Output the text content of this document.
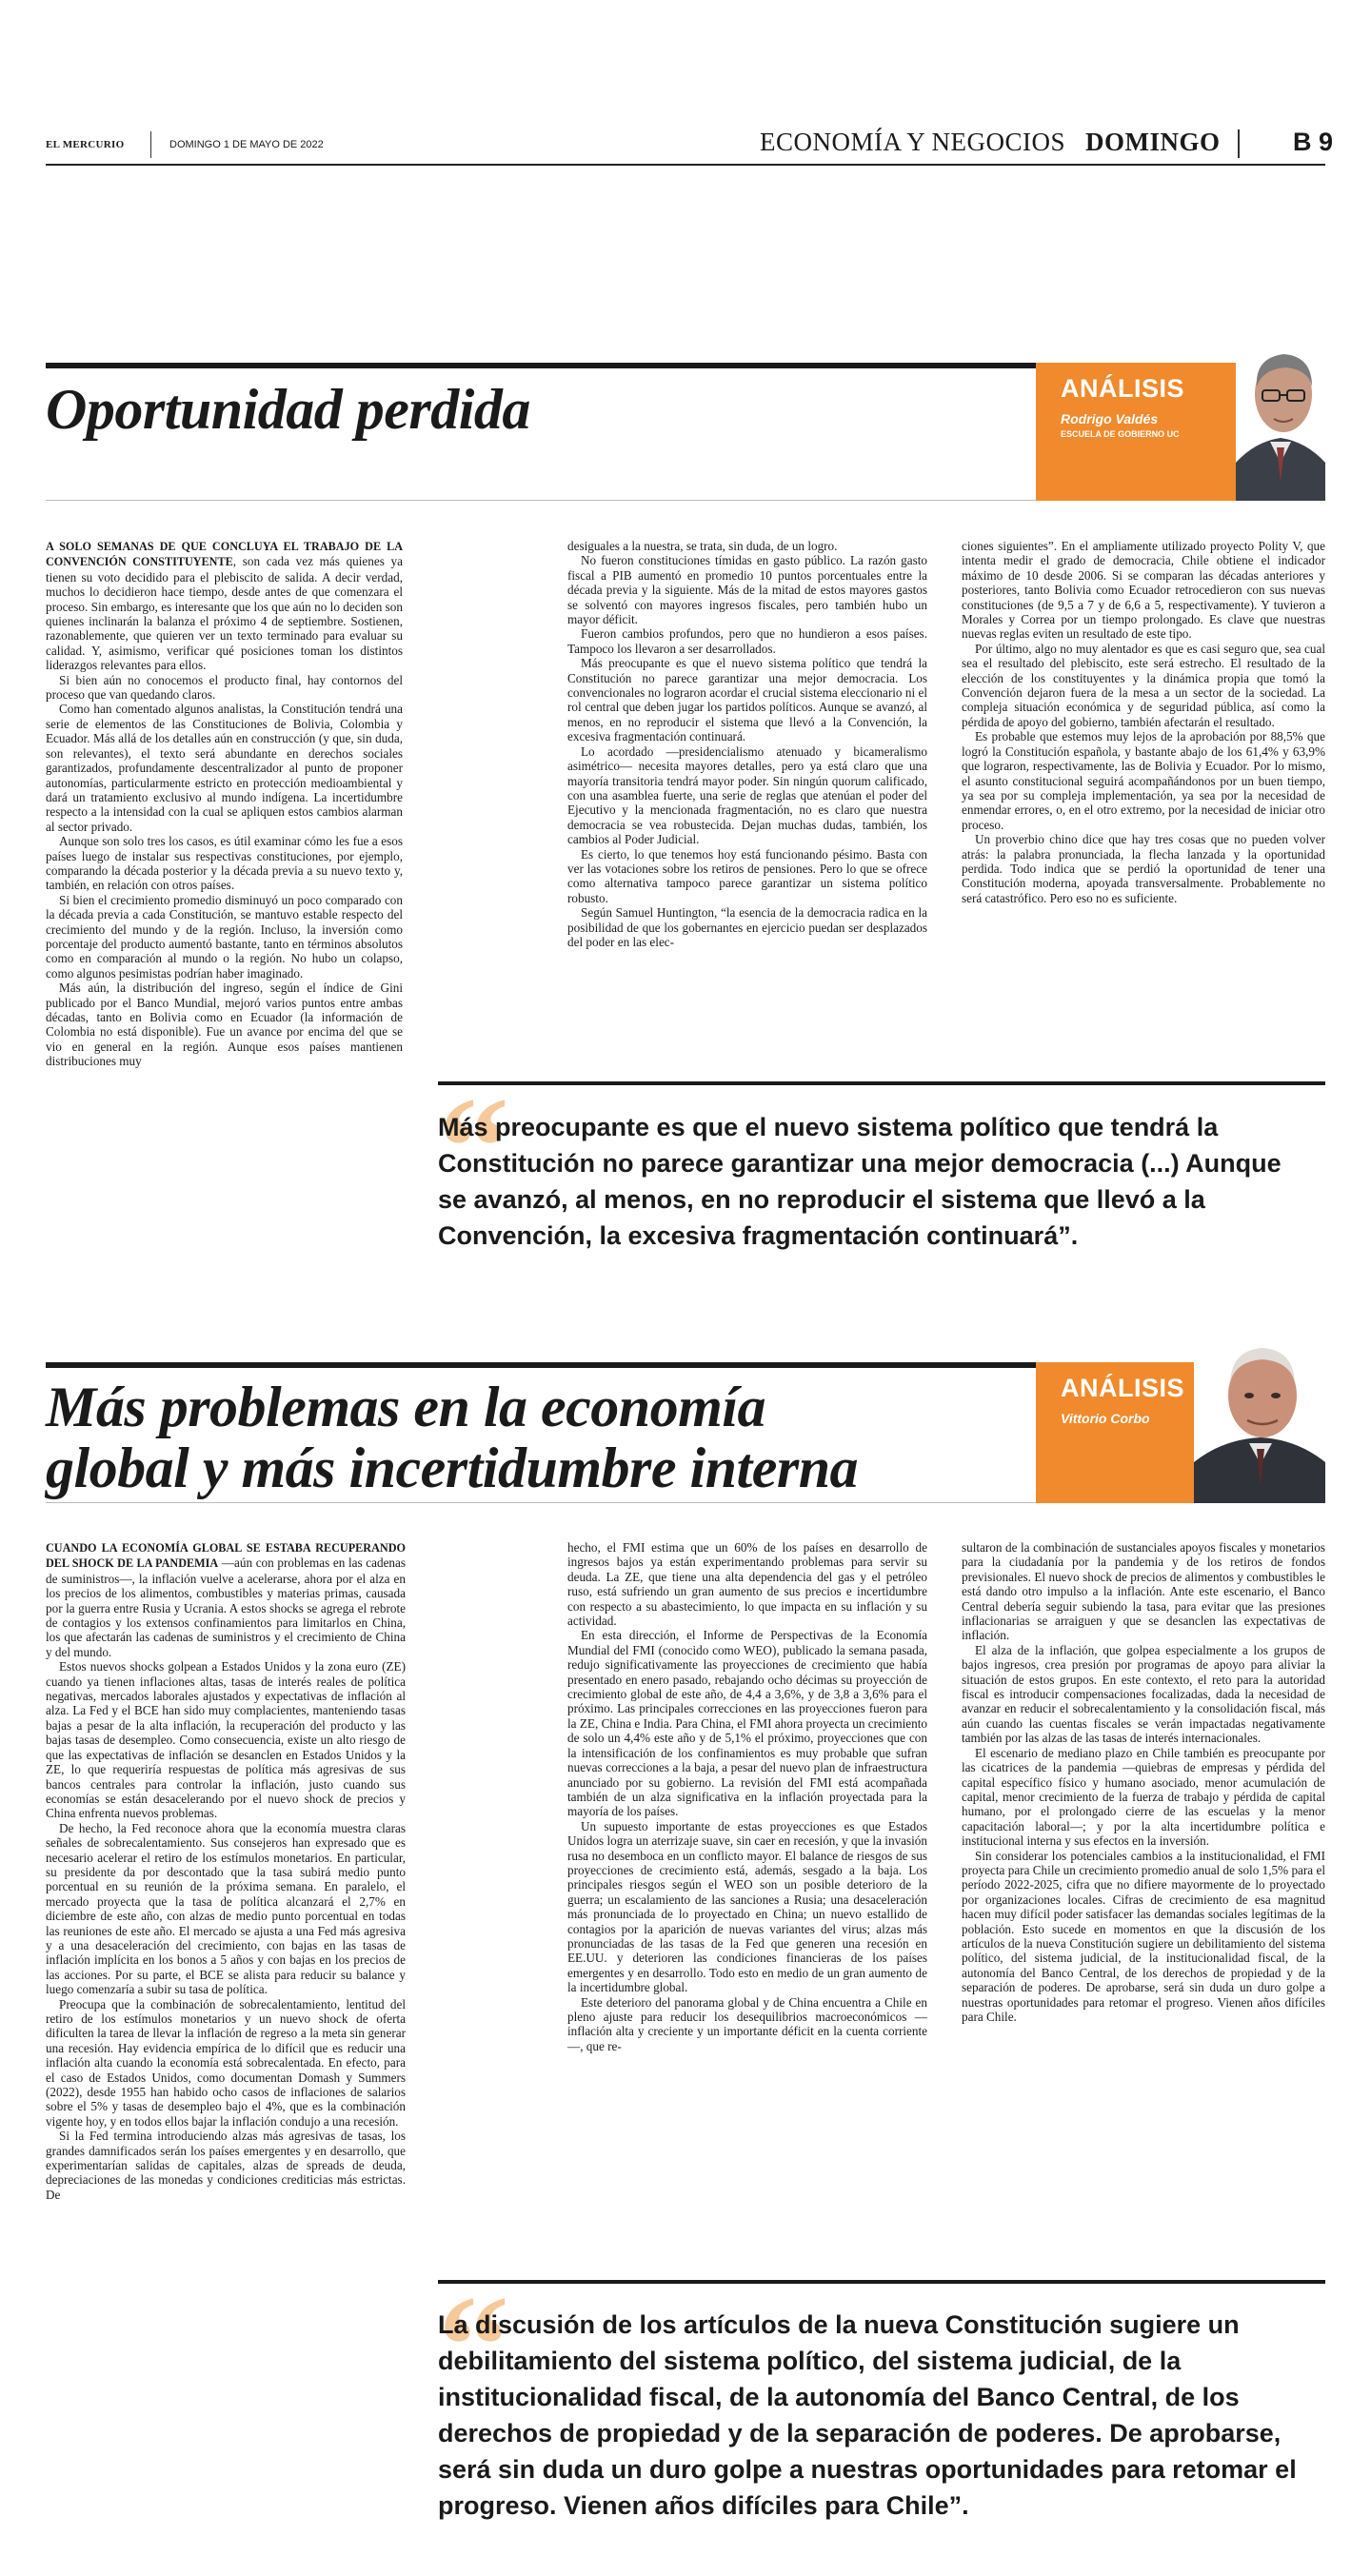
EL MERCURIO	DOMINGO 1 DE MAYO DE 2022	ECONOMÍA Y NEGOCIOS DOMINGO	B 9
Oportunidad perdida	ANÁLISIS
Rodrigo Valdés
ESCUELA DE GOBIERNO UC

A SOLO SEMANAS DE QUE CONCLUYA EL TRABAJO DE LA CONVENCIÓN CONSTITUYENTE, son cada vez más quienes ya tienen su voto decidido para el plebiscito de salida. A decir verdad, muchos lo decidieron hace tiempo, desde antes de que comenzara el proceso. Sin embargo, es interesante que los que aún no lo deciden son quienes inclinarán la balanza el próximo 4 de septiembre. Sostienen, razonablemente, que quieren ver un texto terminado para evaluar su calidad. Y, asimismo, verificar qué posiciones toman los distintos liderazgos relevantes para ellos.

Si bien aún no conocemos el producto final, hay contornos del proceso que van quedando claros.

Como han comentado algunos analistas, la Constitución tendrá una serie de elementos de las Constituciones de Bolivia, Colombia y Ecuador. Más allá de los detalles aún en construcción (y que, sin duda, son relevantes), el texto será abundante en derechos sociales garantizados, profundamente descentralizador al punto de proponer autonomías, particularmente estricto en protección medioambiental y dará un tratamiento exclusivo al mundo indígena. La incertidumbre respecto a la intensidad con la cual se apliquen estos cambios alarman al sector privado.

Aunque son solo tres los casos, es útil examinar cómo les fue a esos países luego de instalar sus respectivas constituciones, por ejemplo, comparando la década posterior y la década previa a su nuevo texto y, también, en relación con otros países.

Si bien el crecimiento promedio disminuyó un poco comparado con la década previa a cada Constitución, se mantuvo estable respecto del crecimiento del mundo y de la región. Incluso, la inversión como porcentaje del producto aumentó bastante, tanto en términos absolutos como en comparación al mundo o la región. No hubo un colapso, como algunos pesimistas podrían haber imaginado.

Más aún, la distribución del ingreso, según el índice de Gini publicado por el Banco Mundial, mejoró varios puntos entre ambas décadas, tanto en Bolivia como en Ecuador (la información de Colombia no está disponible). Fue un avance por encima del que se vio en general en la región. Aunque esos países mantienen distribuciones muy

desiguales a la nuestra, se trata, sin duda, de un logro.

No fueron constituciones tímidas en gasto público. La razón gasto fiscal a PIB aumentó en promedio 10 puntos porcentuales entre la década previa y la siguiente. Más de la mitad de estos mayores gastos se solventó con mayores ingresos fiscales, pero también hubo un mayor déficit.

Fueron cambios profundos, pero que no hundieron a esos países. Tampoco los llevaron a ser desarrollados.

Más preocupante es que el nuevo sistema político que tendrá la Constitución no parece garantizar una mejor democracia. Los convencionales no lograron acordar el crucial sistema eleccionario ni el rol central que deben jugar los partidos políticos. Aunque se avanzó, al menos, en no reproducir el sistema que llevó a la Convención, la excesiva fragmentación continuará.

Lo acordado —presidencialismo atenuado y bicameralismo asimétrico— necesita mayores detalles, pero ya está claro que una mayoría transitoria tendrá mayor poder. Sin ningún quorum calificado, con una asamblea fuerte, una serie de reglas que atenúan el poder del Ejecutivo y la mencionada fragmentación, no es claro que nuestra democracia se vea robustecida. Dejan muchas dudas, también, los cambios al Poder Judicial.

Es cierto, lo que tenemos hoy está funcionando pésimo. Basta con ver las votaciones sobre los retiros de pensiones. Pero lo que se ofrece como alternativa tampoco parece garantizar un sistema político robusto.

Según Samuel Huntington, “la esencia de la democracia radica en la posibilidad de que los gobernantes en ejercicio puedan ser desplazados del poder en las elec-

ciones siguientes”. En el ampliamente utilizado proyecto Polity V, que intenta medir el grado de democracia, Chile obtiene el indicador máximo de 10 desde 2006. Si se comparan las décadas anteriores y posteriores, tanto Bolivia como Ecuador retrocedieron con sus nuevas constituciones (de 9,5 a 7 y de 6,6 a 5, respectivamente). Y tuvieron a Morales y Correa por un tiempo prolongado. Es clave que nuestras nuevas reglas eviten un resultado de este tipo.

Por último, algo no muy alentador es que es casi seguro que, sea cual sea el resultado del plebiscito, este será estrecho. El resultado de la elección de los constituyentes y la dinámica propia que tomó la Convención dejaron fuera de la mesa a un sector de la sociedad. La compleja situación económica y de seguridad pública, así como la pérdida de apoyo del gobierno, también afectarán el resultado.

Es probable que estemos muy lejos de la aprobación por 88,5% que logró la Constitución española, y bastante abajo de los 61,4% y 63,9% que lograron, respectivamente, las de Bolivia y Ecuador. Por lo mismo, el asunto constitucional seguirá acompañándonos por un buen tiempo, ya sea por su compleja implementación, ya sea por la necesidad de enmendar errores, o, en el otro extremo, por la necesidad de iniciar otro proceso.

Un proverbio chino dice que hay tres cosas que no pueden volver atrás: la palabra pronunciada, la flecha lanzada y la oportunidad perdida. Todo indica que se perdió la oportunidad de tener una Constitución moderna, apoyada transversalmente. Probablemente no será catastrófico. Pero eso no es suficiente.

“
Más preocupante es que el nuevo sistema político que tendrá la Constitución no parece garantizar una mejor democracia (...) Aunque se avanzó, al menos, en no reproducir el sistema que llevó a la Convención, la excesiva fragmentación continuará”.
Más problemas en la economía
global y más incertidumbre interna
ANÁLISIS
Vittorio Corbo

CUANDO LA ECONOMÍA GLOBAL SE ESTABA RECUPERANDO DEL SHOCK DE LA PANDEMIA —aún con problemas en las cadenas de suministros—, la inflación vuelve a acelerarse, ahora por el alza en los precios de los alimentos, combustibles y materias primas, causada por la guerra entre Rusia y Ucrania. A estos shocks se agrega el rebrote de contagios y los extensos confinamientos para limitarlos en China, los que afectarán las cadenas de suministros y el crecimiento de China y del mundo.

Estos nuevos shocks golpean a Estados Unidos y la zona euro (ZE) cuando ya tienen inflaciones altas, tasas de interés reales de política negativas, mercados laborales ajustados y expectativas de inflación al alza. La Fed y el BCE han sido muy complacientes, manteniendo tasas bajas a pesar de la alta inflación, la recuperación del producto y las bajas tasas de desempleo. Como consecuencia, existe un alto riesgo de que las expectativas de inflación se desanclen en Estados Unidos y la ZE, lo que requeriría respuestas de política más agresivas de sus bancos centrales para controlar la inflación, justo cuando sus economías se están desacelerando por el nuevo shock de precios y China enfrenta nuevos problemas.

De hecho, la Fed reconoce ahora que la economía muestra claras señales de sobrecalentamiento. Sus consejeros han expresado que es necesario acelerar el retiro de los estímulos monetarios. En particular, su presidente da por descontado que la tasa subirá medio punto porcentual en su reunión de la próxima semana. En paralelo, el mercado proyecta que la tasa de política alcanzará el 2,7% en diciembre de este año, con alzas de medio punto porcentual en todas las reuniones de este año. El mercado se ajusta a una Fed más agresiva y a una desaceleración del crecimiento, con bajas en las tasas de inflación implícita en los bonos a 5 años y con bajas en los precios de las acciones. Por su parte, el BCE se alista para reducir su balance y luego comenzaría a subir su tasa de política.

Preocupa que la combinación de sobrecalentamiento, lentitud del retiro de los estímulos monetarios y un nuevo shock de oferta dificulten la tarea de llevar la inflación de regreso a la meta sin generar una recesión. Hay evidencia empírica de lo difícil que es reducir una inflación alta cuando la economía está sobrecalentada. En efecto, para el caso de Estados Unidos, como documentan Domash y Summers (2022), desde 1955 han habido ocho casos de inflaciones de salarios sobre el 5% y tasas de desempleo bajo el 4%, que es la combinación vigente hoy, y en todos ellos bajar la inflación condujo a una recesión.

Si la Fed termina introduciendo alzas más agresivas de tasas, los grandes damnificados serán los países emergentes y en desarrollo, que experimentarían salidas de capitales, alzas de spreads de deuda, depreciaciones de las monedas y condiciones crediticias más estrictas. De

hecho, el FMI estima que un 60% de los países en desarrollo de ingresos bajos ya están experimentando problemas para servir su deuda. La ZE, que tiene una alta dependencia del gas y el petróleo ruso, está sufriendo un gran aumento de sus precios e incertidumbre con respecto a su abastecimiento, lo que impacta en su inflación y su actividad.

En esta dirección, el Informe de Perspectivas de la Economía Mundial del FMI (conocido como WEO), publicado la semana pasada, redujo significativamente las proyecciones de crecimiento que había presentado en enero pasado, rebajando ocho décimas su proyección de crecimiento global de este año, de 4,4 a 3,6%, y de 3,8 a 3,6% para el próximo. Las principales correcciones en las proyecciones fueron para la ZE, China e India. Para China, el FMI ahora proyecta un crecimiento de solo un 4,4% este año y de 5,1% el próximo, proyecciones que con la intensificación de los confinamientos es muy probable que sufran nuevas correcciones a la baja, a pesar del nuevo plan de infraestructura anunciado por su gobierno. La revisión del FMI está acompañada también de un alza significativa en la inflación proyectada para la mayoría de los países.

Un supuesto importante de estas proyecciones es que Estados Unidos logra un aterrizaje suave, sin caer en recesión, y que la invasión rusa no desemboca en un conflicto mayor. El balance de riesgos de sus proyecciones de crecimiento está, además, sesgado a la baja. Los principales riesgos según el WEO son un posible deterioro de la guerra; un escalamiento de las sanciones a Rusia; una desaceleración más pronunciada de lo proyectado en China; un nuevo estallido de contagios por la aparición de nuevas variantes del virus; alzas más pronunciadas de las tasas de la Fed que generen una recesión en EE.UU. y deterioren las condiciones financieras de los países emergentes y en desarrollo. Todo esto en medio de un gran aumento de la incertidumbre global.

Este deterioro del panorama global y de China encuentra a Chile en pleno ajuste para reducir los desequilibrios macroeconómicos —inflación alta y creciente y un importante déficit en la cuenta corriente—, que re-

sultaron de la combinación de sustanciales apoyos fiscales y monetarios para la ciudadanía por la pandemia y de los retiros de fondos previsionales. El nuevo shock de precios de alimentos y combustibles le está dando otro impulso a la inflación. Ante este escenario, el Banco Central debería seguir subiendo la tasa, para evitar que las presiones inflacionarias se arraiguen y que se desanclen las expectativas de inflación.

El alza de la inflación, que golpea especialmente a los grupos de bajos ingresos, crea presión por programas de apoyo para aliviar la situación de estos grupos. En este contexto, el reto para la autoridad fiscal es introducir compensaciones focalizadas, dada la necesidad de avanzar en reducir el sobrecalentamiento y la consolidación fiscal, más aún cuando las cuentas fiscales se verán impactadas negativamente también por las alzas de las tasas de interés internacionales.

El escenario de mediano plazo en Chile también es preocupante por las cicatrices de la pandemia —quiebras de empresas y pérdida del capital específico físico y humano asociado, menor acumulación de capital, menor crecimiento de la fuerza de trabajo y pérdida de capital humano, por el prolongado cierre de las escuelas y la menor capacitación laboral—; y por la alta incertidumbre política e institucional interna y sus efectos en la inversión.

Sin considerar los potenciales cambios a la institucionalidad, el FMI proyecta para Chile un crecimiento promedio anual de solo 1,5% para el período 2022-2025, cifra que no difiere mayormente de lo proyectado por organizaciones locales. Cifras de crecimiento de esa magnitud hacen muy difícil poder satisfacer las demandas sociales legítimas de la población. Esto sucede en momentos en que la discusión de los artículos de la nueva Constitución sugiere un debilitamiento del sistema político, del sistema judicial, de la institucionalidad fiscal, de la autonomía del Banco Central, de los derechos de propiedad y de la separación de poderes. De aprobarse, será sin duda un duro golpe a nuestras oportunidades para retomar el progreso. Vienen años difíciles para Chile.

“
La discusión de los artículos de la nueva Constitución sugiere un debilitamiento del sistema político, del sistema judicial, de la institucionalidad fiscal, de la autonomía del Banco Central, de los derechos de propiedad y de la separación de poderes. De aprobarse, será sin duda un duro golpe a nuestras oportunidades para retomar el progreso. Vienen años difíciles para Chile”.
